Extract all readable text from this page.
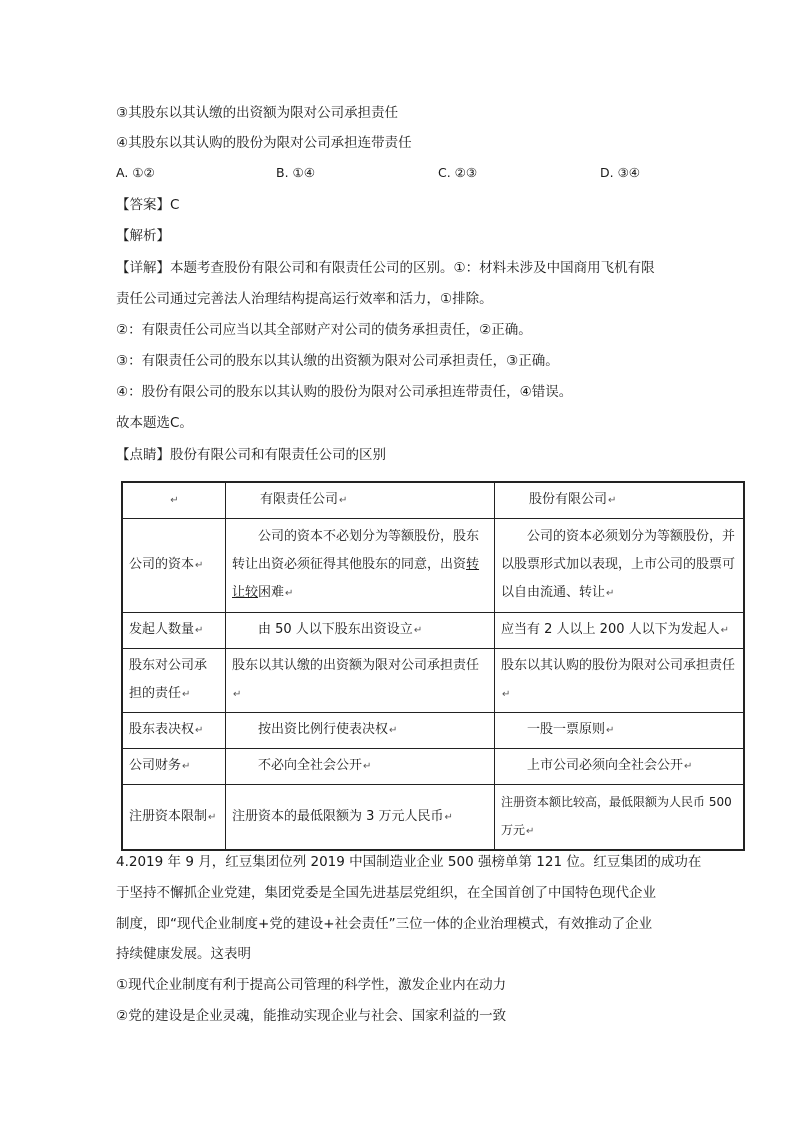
③其股东以其认缴的出资额为限对公司承担责任
④其股东以其认购的股份为限对公司承担连带责任
A. ①②	B. ①④	C. ②③	D. ③④
【答案】C
【解析】
【详解】本题考查股份有限公司和有限责任公司的区别。①：材料未涉及中国商用飞机有限
责任公司通过完善法人治理结构提高运行效率和活力，①排除。
②：有限责任公司应当以其全部财产对公司的债务承担责任，②正确。
③：有限责任公司的股东以其认缴的出资额为限对公司承担责任，③正确。
④：股份有限公司的股东以其认购的股份为限对公司承担连带责任，④错误。
故本题选C。
【点睛】股份有限公司和有限责任公司的区别
↵	有限责任公司↵	股份有限公司↵
公司的资本↵	公司的资本不必划分为等额股份，股东转让出资必须征得其他股东的同意，出资转让较困难↵	公司的资本必须划分为等额股份，并以股票形式加以表现，上市公司的股票可以自由流通、转让↵
发起人数量↵	由 50 人以下股东出资设立↵	应当有 2 人以上 200 人以下为发起人↵
股东对公司承担的责任↵	股东以其认缴的出资额为限对公司承担责任↵	股东以其认购的股份为限对公司承担责任↵
股东表决权↵	按出资比例行使表决权↵	一股一票原则↵
公司财务↵	不必向全社会公开↵	上市公司必须向全社会公开↵
注册资本限制↵	注册资本的最低限额为 3 万元人民币↵	注册资本额比较高，最低限额为人民币 500 万元↵
4.2019 年 9 月，红豆集团位列 2019 中国制造业企业 500 强榜单第 121 位。红豆集团的成功在
于坚持不懈抓企业党建，集团党委是全国先进基层党组织，在全国首创了中国特色现代企业
制度，即“现代企业制度+党的建设+社会责任”三位一体的企业治理模式，有效推动了企业
持续健康发展。这表明
①现代企业制度有利于提高公司管理的科学性，激发企业内在动力
②党的建设是企业灵魂，能推动实现企业与社会、国家利益的一致
